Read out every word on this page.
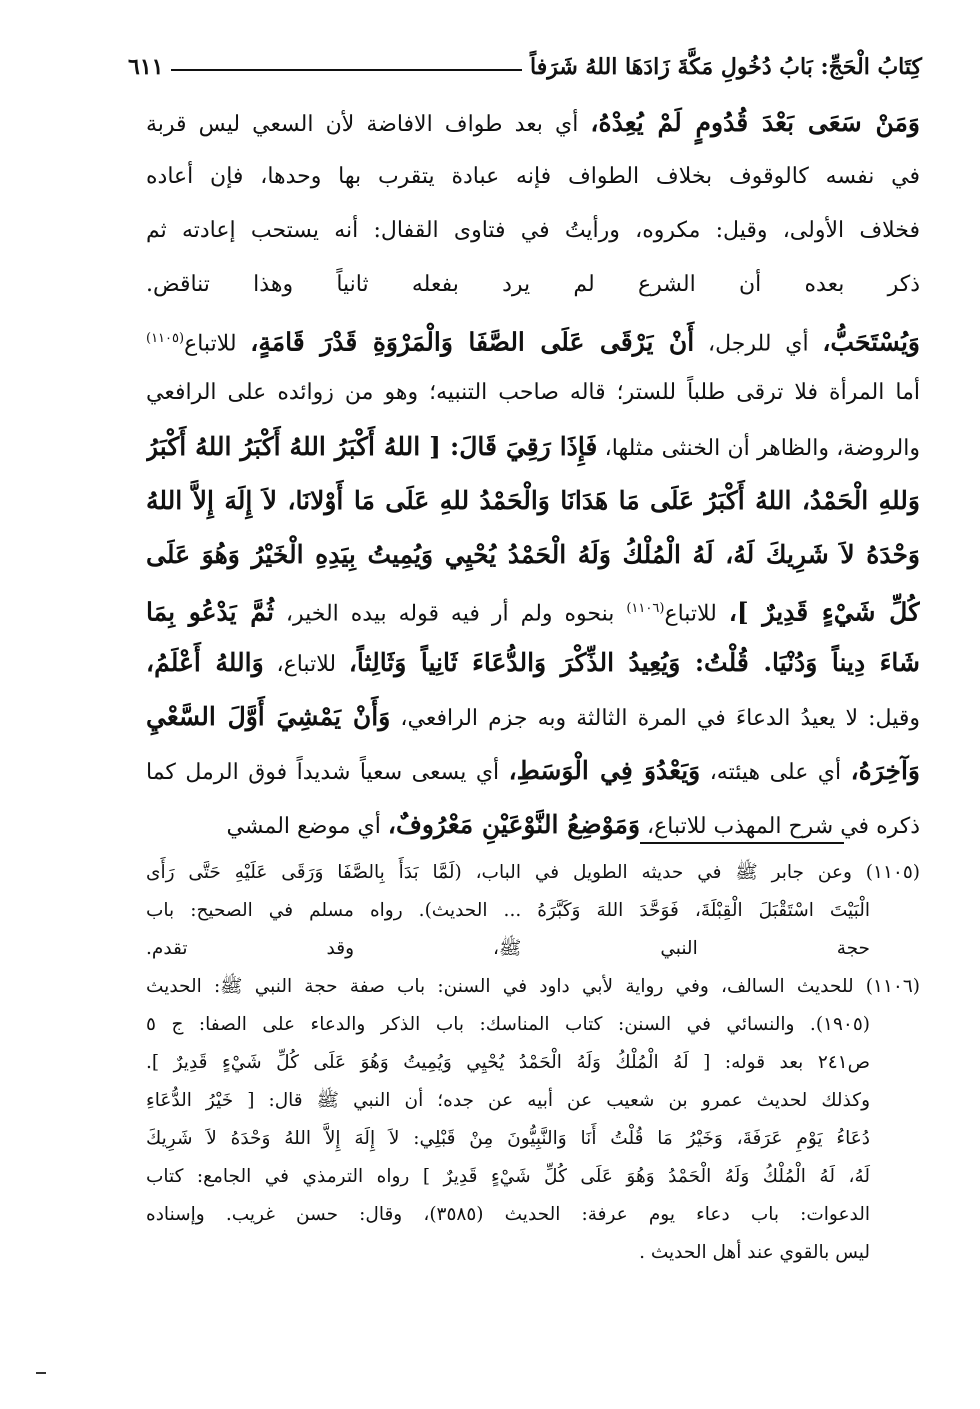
كِتَابُ الْحَجِّ: بَابُ دُخُولِ مَكَّةَ زَادَهَا اللهُ شَرَفاً
٦١١
وَمَنْ سَعَى بَعْدَ قُدُومٍ لَمْ يُعِدْهُ، أي بعد طواف الافاضة لأن السعي ليس قربة
في نفسه كالوقوف بخلاف الطواف فإنه عبادة يتقرب بها وحدها، فإن أعاده
فخلاف الأولى، وقيل: مكروه، ورأيتُ في فتاوى القفال: أنه يستحب إعادته ثم
ذكر بعده أن الشرع لم يرد بفعله ثانياً وهذا تناقض.
وَيُسْتَحَبُّ، أي للرجل، أَنْ يَرْقَى عَلَى الصَّفَا وَالْمَرْوَةِ قَدْرَ قَامَةٍ، للاتباع$^{(١١٠٥)}$
أما المرأة فلا ترقى طلباً للستر؛ قاله صاحب التنبيه؛ وهو من زوائده على الرافعي
والروضة، والظاهر أن الخنثى مثلها، فَإِذَا رَقِيَ قَالَ: [ اللهُ أَكْبَرُ اللهُ أَكْبَرُ اللهُ أَكْبَرُ
وَللهِ الْحَمْدُ، اللهُ أَكْبَرُ عَلَى مَا هَدَانَا وَالْحَمْدُ للهِ عَلَى مَا أَوْلانَا، لاَ إِلَهَ إِلاَّ اللهُ
وَحْدَهُ لاَ شَرِيكَ لَهُ، لَهُ الْمُلْكُ وَلَهُ الْحَمْدُ يُحْيِي وَيُمِيتُ بِيَدِهِ الْخَيْرُ وَهُوَ عَلَى
كُلِّ شَيْءٍ قَدِيرٌ ]، للاتباع$^{(١١٠٦)}$ بنحوه ولم أر فيه قوله بيده الخير، ثُمَّ يَدْعُو بِمَا
شَاءَ دِيناً وَدُنْيَا. قُلْتُ: وَيُعِيدُ الذِّكْرَ وَالدُّعَاءَ ثَانِياً وَثَالِثاً، للاتباع، وَاللهُ أَعْلَمُ،
وقيل: لا يعيدُ الدعاءَ في المرة الثالثة وبه جزم الرافعي، وَأَنْ يَمْشِيَ أَوَّلَ السَّعْيِ
وَآخِرَهُ، أي على هيئته، وَيَعْدُوَ فِي الْوَسَطِ، أي يسعى سعياً شديداً فوق الرمل كما
ذكره في شرح المهذب للاتباع، وَمَوْضِعُ النَّوْعَيْنِ مَعْرُوفٌ، أي موضع المشي
(١١٠٥) وعن جابر ﷺ في حديثه الطويل في الباب، (لَمَّا بَدَأَ بِالصَّفَا وَرَقَى عَلَيْهِ حَتَّى رَأَى
الْبَيْتَ اسْتَقْبَلَ الْقِبْلَةَ، فَوَحَّدَ اللهَ وَكَبَّرَهُ ... الحديث). رواه مسلم في الصحيح: باب
حجة النبي ﷺ، وقد تقدم.
(١١٠٦) للحديث السالف، وفي رواية لأبي داود في السنن: باب صفة حجة النبي ﷺ: الحديث
(١٩٠٥). والنسائي في السنن: كتاب المناسك: باب الذكر والدعاء على الصفا: ج ٥
ص٢٤١ بعد قوله: [ لَهُ الْمُلْكُ وَلَهُ الْحَمْدُ يُحْيِي وَيُمِيتُ وَهُوَ عَلَى كُلِّ شَيْءٍ قَدِيرٌ ].
وكذلك لحديث عمرو بن شعيب عن أبيه عن جده؛ أن النبي ﷺ قال: [ خَيْرُ الدُّعَاءِ
دُعَاءُ يَوْمِ عَرَفَةَ، وَخَيْرُ مَا قُلْتُ أَنَا وَالنَّبِيُّونَ مِنْ قَبْلِي: لاَ إِلَهَ إِلاَّ اللهُ وَحْدَهُ لاَ شَرِيكَ
لَهُ، لَهُ الْمُلْكُ وَلَهُ الْحَمْدُ وَهُوَ عَلَى كُلِّ شَيْءٍ قَدِيرٌ ] رواه الترمذي في الجامع: كتاب
الدعوات: باب دعاء يوم عرفة: الحديث (٣٥٨٥)، وقال: حسن غريب. وإسناده
ليس بالقوي عند أهل الحديث .
